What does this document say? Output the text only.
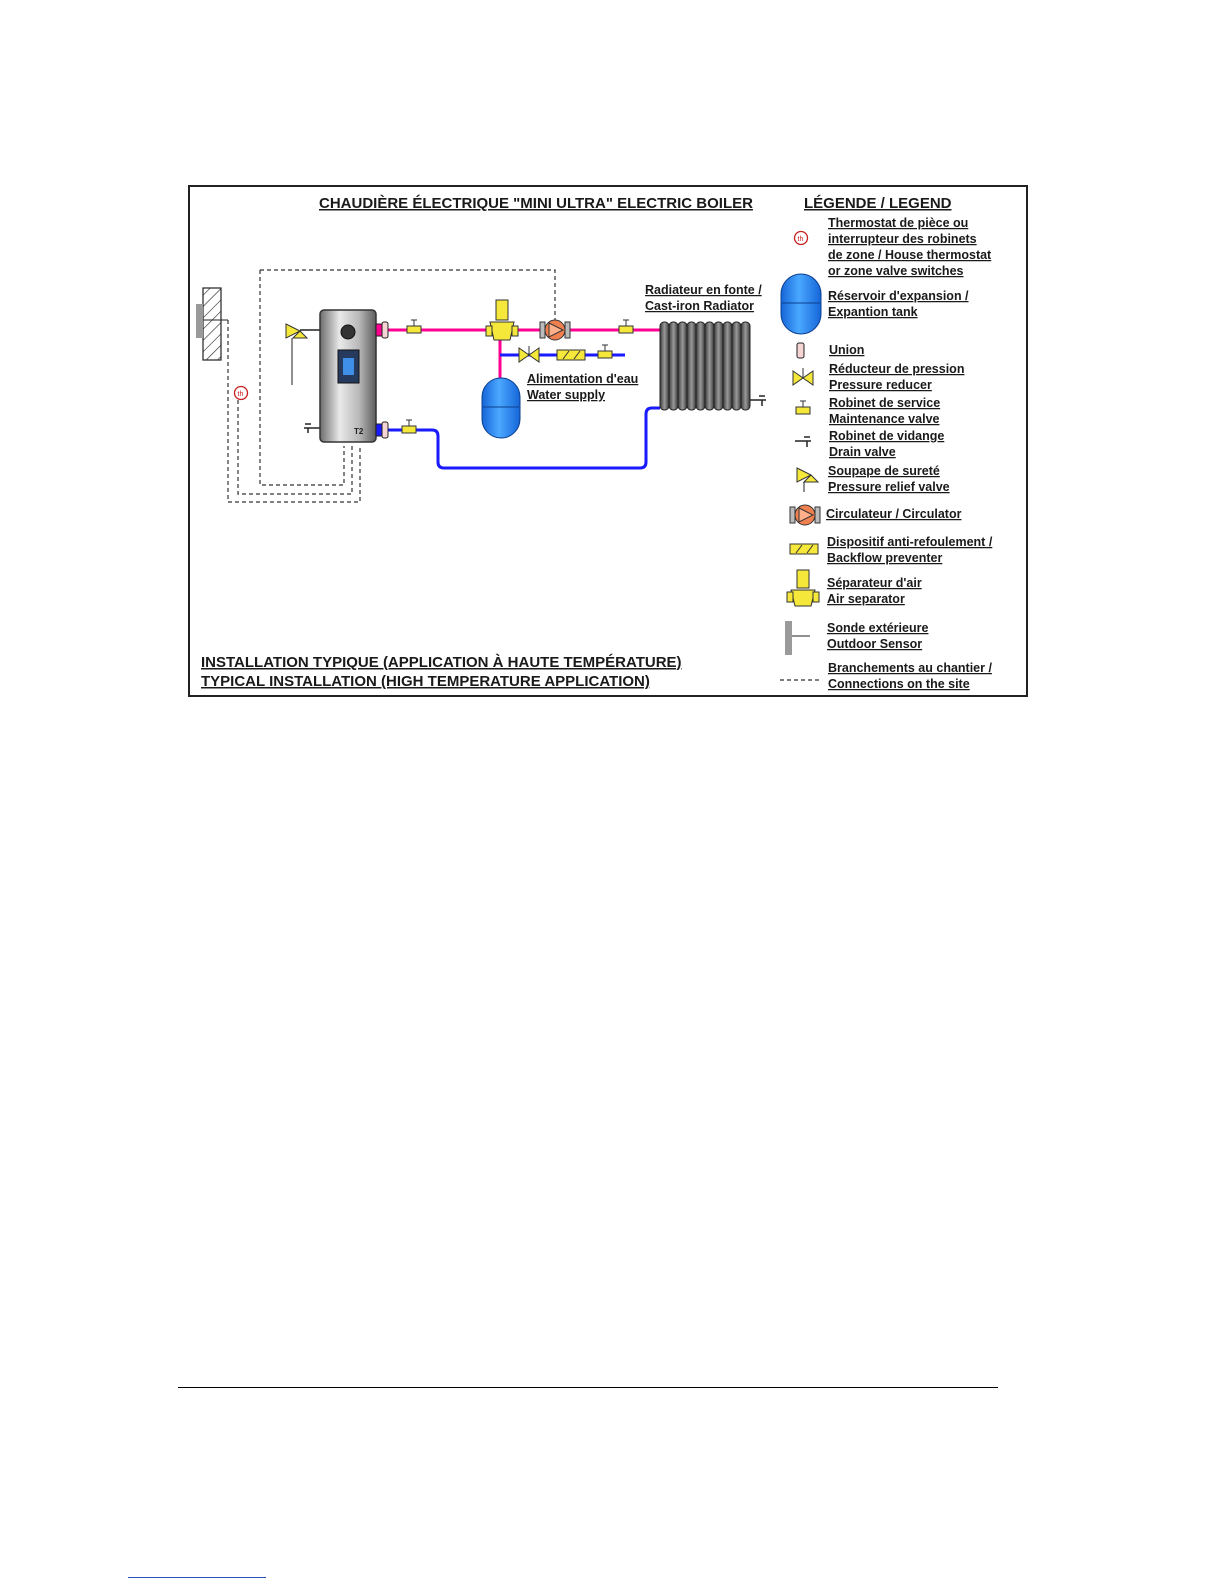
CHAUDIÈRE ÉLECTRIQUE "MINI ULTRA" ELECTRIC BOILER	LÉGENDE / LEGEND
th
T2
Radiateur en fonte /
Cast-iron Radiator
Alimentation d'eau
Water supply
INSTALLATION TYPIQUE (APPLICATION À HAUTE TEMPÉRATURE)
TYPICAL INSTALLATION (HIGH TEMPERATURE APPLICATION)
th
Thermostat de pièce ou
interrupteur des robinets
de zone / House thermostat
or zone valve switches
Réservoir d'expansion /
Expantion tank
Union
Réducteur de pression
Pressure reducer
Robinet de service
Maintenance valve
Robinet de vidange
Drain valve
Soupape de sureté
Pressure relief valve
Circulateur / Circulator
Dispositif anti-refoulement /
Backflow preventer
Séparateur d'air
Air separator
Sonde extérieure
Outdoor Sensor
Branchements au chantier /
Connections on the site
